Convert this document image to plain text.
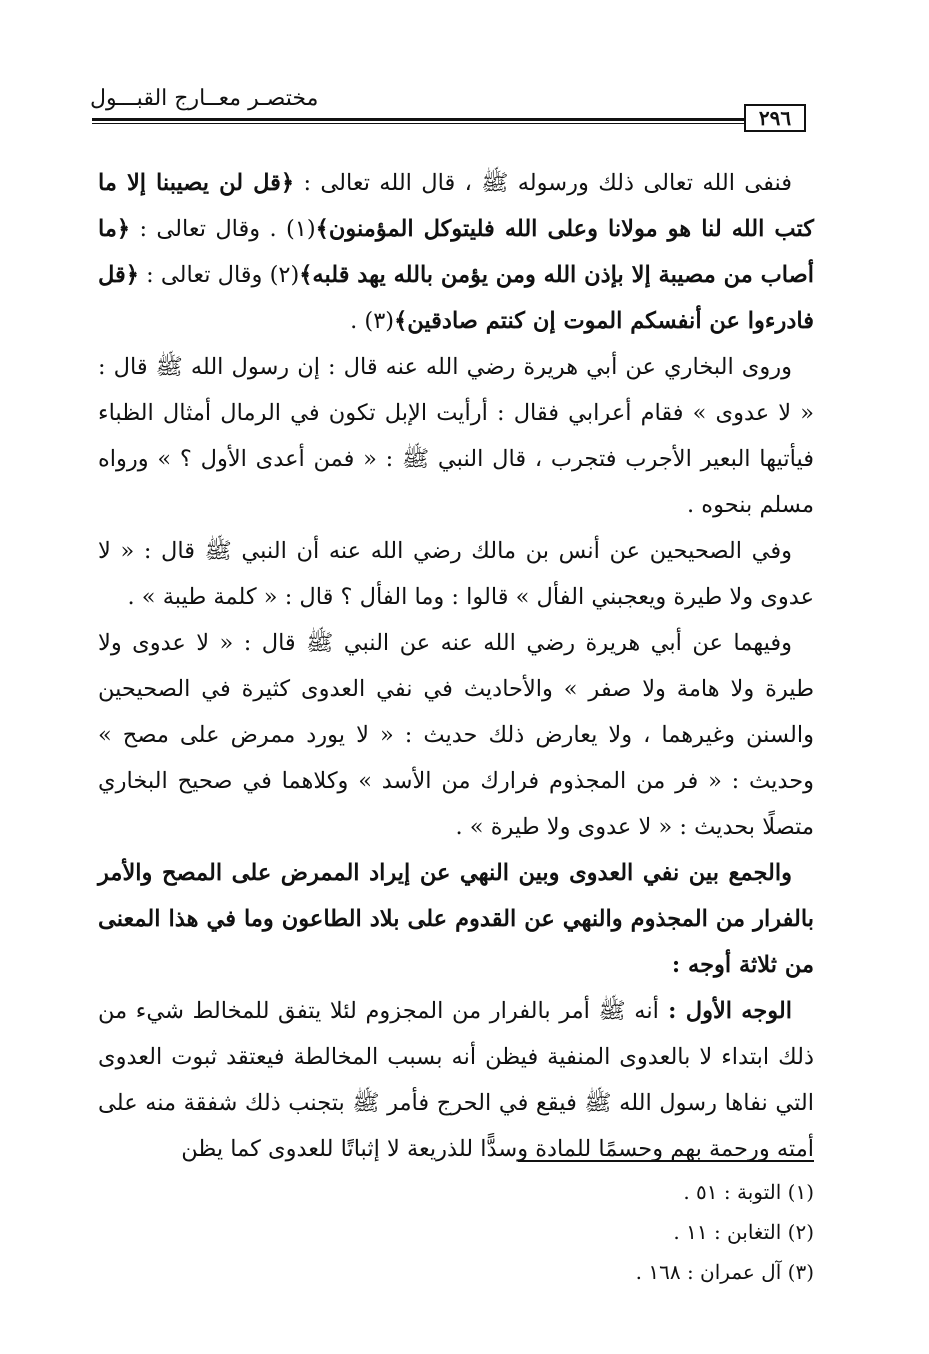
مختصـر معــارج القبـــول
٢٩٦

فنفى الله تعالى ذلك ورسوله ﷺ ، قال الله تعالى : ﴿قل لن يصيبنا إلا ما كتب الله لنا هو مولانا وعلى الله فليتوكل المؤمنون﴾(١) . وقال تعالى : ﴿ما أصاب من مصيبة إلا بإذن الله ومن يؤمن بالله يهد قلبه﴾(٢) وقال تعالى : ﴿قل فادرءوا عن أنفسكم الموت إن كنتم صادقين﴾(٣) .

وروى البخاري عن أبي هريرة رضي الله عنه قال : إن رسول الله ﷺ قال : « لا عدوى » فقام أعرابي فقال : أرأيت الإبل تكون في الرمال أمثال الظباء فيأتيها البعير الأجرب فتجرب ، قال النبي ﷺ : « فمن أعدى الأول ؟ » ورواه مسلم بنحوه .

وفي الصحيحين عن أنس بن مالك رضي الله عنه أن النبي ﷺ قال : « لا عدوى ولا طيرة ويعجبني الفأل » قالوا : وما الفأل ؟ قال : « كلمة طيبة » .

وفيهما عن أبي هريرة رضي الله عنه عن النبي ﷺ قال : « لا عدوى ولا طيرة ولا هامة ولا صفر » والأحاديث في نفي العدوى كثيرة في الصحيحين والسنن وغيرهما ، ولا يعارض ذلك حديث : « لا يورد ممرض على مصح » وحديث : « فر من المجذوم فرارك من الأسد » وكلاهما في صحيح البخاري متصلًا بحديث : « لا عدوى ولا طيرة » .

والجمع بين نفي العدوى وبين النهي عن إيراد الممرض على المصح والأمر بالفرار من المجذوم والنهي عن القدوم على بلاد الطاعون وما في هذا المعنى من ثلاثة أوجه :

الوجه الأول : أنه ﷺ أمر بالفرار من المجزوم لئلا يتفق للمخالط شيء من ذلك ابتداء لا بالعدوى المنفية فيظن أنه بسبب المخالطة فيعتقد ثبوت العدوى التي نفاها رسول الله ﷺ فيقع في الحرج فأمر ﷺ بتجنب ذلك شفقة منه على أمته ورحمة بهم وحسمًا للمادة وسدًّا للذريعة لا إثباتًا للعدوى كما يظن

(١) التوبة : ٥١ .
(٢) التغابن : ١١ .
(٣) آل عمران : ١٦٨ .
